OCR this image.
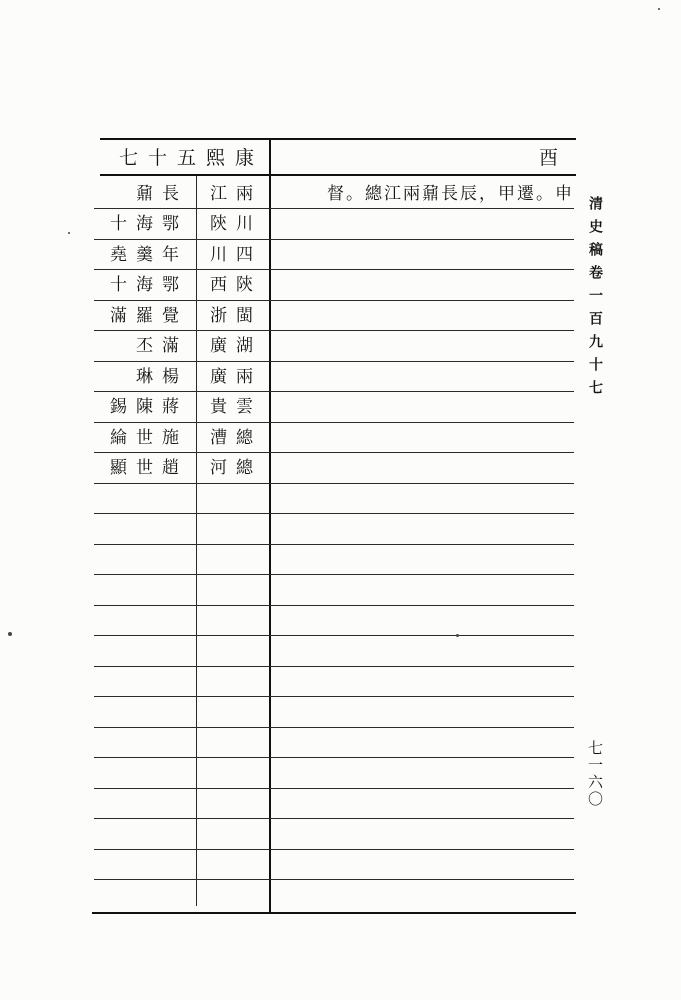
七十五熙康	酉
督。總江兩鼐長辰，甲遷。申
鼐長
十海鄂
堯羹年
十海鄂
滿羅覺
丕滿
琳楊
錫陳蔣
綸世施
顯世趙
江兩
陝川
川四
西陝
浙閩
廣湖
廣兩
貴雲
漕總
河總
清史稿卷一百九十七
七一六〇
